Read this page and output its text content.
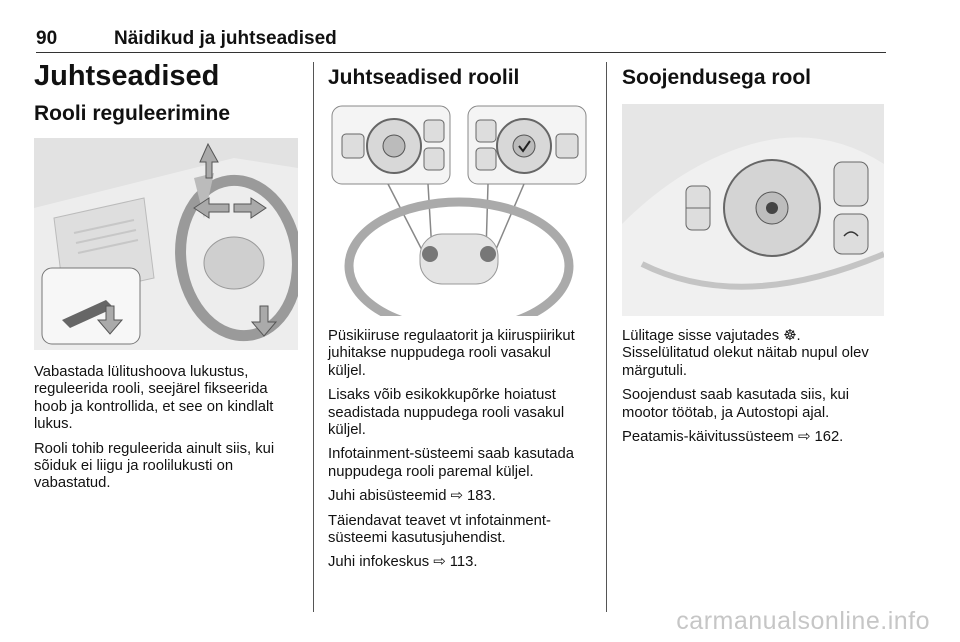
90	Näidikud ja juhtseadised
Juhtseadised
Rooli reguleerimine

Vabastada lülitushoova lukustus, reguleerida rooli, seejärel fikseerida hoob ja kontrollida, et see on kindlalt lukus.

Rooli tohib reguleerida ainult siis, kui sõiduk ei liigu ja roolilukusti on vabastatud.

Juhtseadised roolil

Püsikiiruse regulaatorit ja kiiruspiirikut juhitakse nuppudega rooli vasakul küljel.

Lisaks võib esikokkupõrke hoiatust seadistada nuppudega rooli vasakul küljel.

Infotainment-süsteemi saab kasutada nuppudega rooli paremal küljel.

Juhi abisüsteemid ⇨ 183.

Täiendavat teavet vt infotainment-süsteemi kasutusjuhendist.

Juhi infokeskus ⇨ 113.

Soojendusega rool

Lülitage sisse vajutades ☸.

Sisselülitatud olekut näitab nupul olev märgutuli.

Soojendust saab kasutada siis, kui mootor töötab, ja Autostopi ajal.

Peatamis-käivitussüsteem ⇨ 162.

carmanualsonline.info
